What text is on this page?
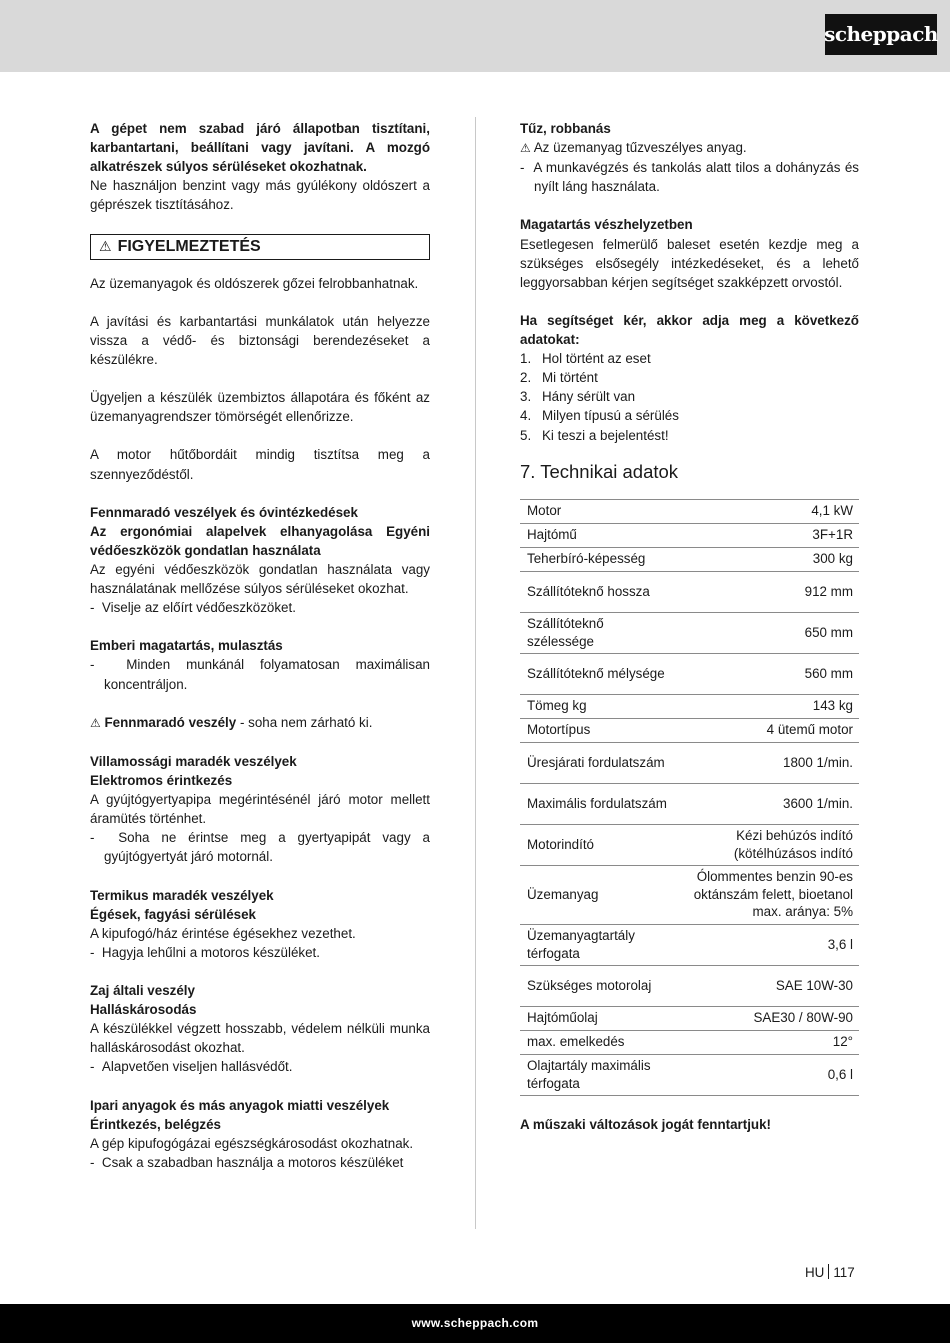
scheppach

A gépet nem szabad járó állapotban tisztítani, karbantartani, beállítani vagy javítani. A mozgó alkatrészek súlyos sérüléseket okozhatnak.

Ne használjon benzint vagy más gyúlékony oldószert a gépr​észek tisztításához.

⚠ FIGYELMEZTETÉS

Az üzemanyagok és oldószerek gőzei felrobbanhatnak.

A javítási és karbantartási munkálatok után helyezze vissza a védő- és biztonsági berendezéseket a készülékre.

Ügyeljen a készülék üzembiztos állapotára és főként az üzemanyagrendszer tömörségét ellenőrizze.

A motor hűtőbordáit mindig tisztítsa meg a szennyeződéstől.

Fennmaradó veszélyek és óvintézkedések

Az ergonómiai alapelvek elhanyagolása Egyéni védőeszközök gondatlan használata

Az egyéni védőeszközök gondatlan használata vagy használatának mellőzése súlyos sérüléseket okozhat.

-  Viselje az előírt védőeszközöket.

Emberi magatartás, mulasztás

-  Minden munkánál folyamatosan maximálisan koncentráljon.

⚠ Fennmaradó veszély - soha nem zárható ki.

Villamossági maradék veszélyek

Elektromos érintkezés

A gyújtógyertyapipa megérintésénél járó motor mellett áramütés történhet.

-  Soha ne érintse meg a gyertyapipát vagy a gyújtógyertyát járó motornál.

Termikus maradék veszélyek

Égések, fagyási sérülések

A kipufogó/ház érintése égésekhez vezethet.

-  Hagyja lehűlni a motoros készüléket.

Zaj általi veszély

Halláskárosodás

A készülékkel végzett hosszabb, védelem nélküli munka halláskárosodást okozhat.

-  Alapvetően viseljen hallásvédőt.

Ipari anyagok és más anyagok miatti veszélyek

Érintkezés, belégzés

A gép kipufogógázai egészségkárosodást okozhatnak.

-  Csak a szabadban használja a motoros készüléket

Tűz, robbanás

⚠ Az üzemanyag tűzveszélyes anyag.

-  A munkavégzés és tankolás alatt tilos a dohányzás és nyílt láng használata.

Magatartás vészhelyzetben

Esetlegesen felmerülő baleset esetén kezdje meg a szükséges elsősegély intézkedéseket, és a lehető leggyorsabban kérjen segítséget szakképzett orvostól.

Ha segítséget kér, akkor adja meg a következő adatokat:

1. Hol történt az eset

2. Mi történt

3. Hány sérült van

4. Milyen típusú a sérülés

5. Ki teszi a bejelentést!

7. Technikai adatok
Motor	4,1 kW
Hajtómű	3F+1R
Teherbíró-képesség	300 kg
Szállítóteknő hossza	912 mm
Szállítóteknő szélessége	650 mm
Szállítóteknő mélysége	560 mm
Tömeg kg	143 kg
Motortípus	4 ütemű motor
Üresjárati fordulatszám	1800 1/min.
Maximális fordulatszám	3600 1/min.
Motorindító	Kézi behúzós indító (kötélhúzásos indító
Üzemanyag	Ólommentes benzin 90-es oktánszám felett, bioetanol max. aránya: 5%
Üzemanyagtartály térfogata	3,6 l
Szükséges motorolaj	SAE 10W-30
Hajtóműolaj	SAE30 / 80W-90
max. emelkedés	12°
Olajtartály maximális térfogata	0,6 l

A műszaki változások jogát fenntartjuk!

HU 117
www.scheppach.com
